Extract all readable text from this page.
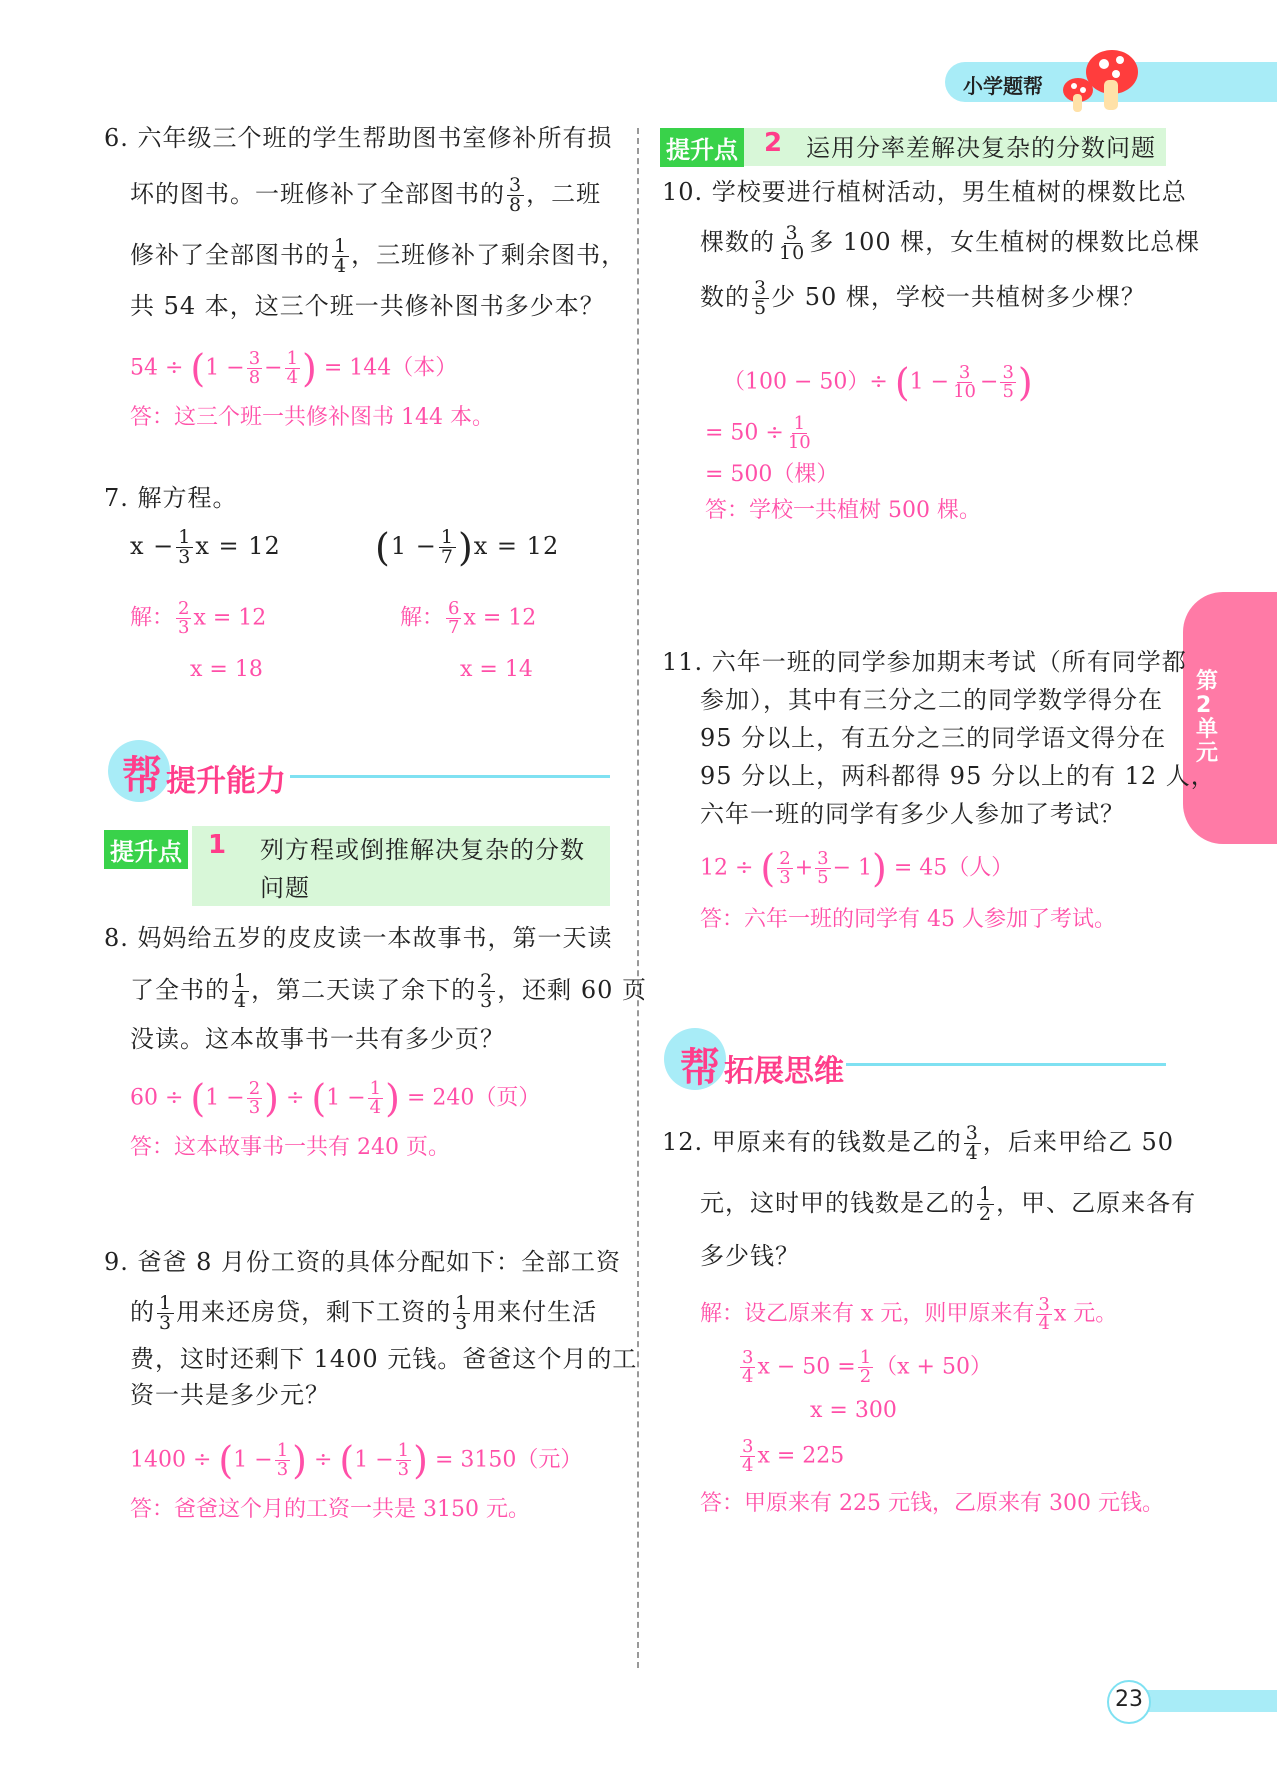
小学题帮
第2单元
6. 六年级三个班的学生帮助图书室修补所有损
坏的图书。一班修补了全部图书的 $\frac{3}{8}$ ，二班
修补了全部图书的 $\frac{1}{4}$ ，三班修补了剩余图书，
共 54 本，这三个班一共修补图书多少本？
$54 \div (1 - \frac{3}{8} - \frac{1}{4}$ ) = 144（本）
答：这三个班一共修补图书 144 本。
7. 解方程。
$x - \frac{1}{3}$ x = 12 $(1 - \frac{1}{7} )x = 12$
解： $\frac{2}{3}$ x = 12
x = 18
解： $\frac{6}{7}$ x = 12
x = 14
帮 提升能力
提升点 1 列方程或倒推解决复杂的分数
问题
8. 妈妈给五岁的皮皮读一本故事书，第一天读
了全书的 $\frac{1}{4}$ ，第二天读了余下的 $\frac{2}{3}$ ，还剩 60 页
没读。这本故事书一共有多少页？
$60 \div (1 - \frac{2}{3}$ ) ÷ ($1 - \frac{1}{4}$ ) = 240（页）
答：这本故事书一共有 240 页。
9. 爸爸 8 月份工资的具体分配如下：全部工资
的 $\frac{1}{3}$ 用来还房贷，剩下工资的 $\frac{1}{3}$ 用来付生活
费，这时还剩下 1400 元钱。爸爸这个月的工
资一共是多少元？
$1400 \div (1 - \frac{1}{3}$ ) ÷ ($1 - \frac{1}{3}$ ) = 3150（元）
答：爸爸这个月的工资一共是 3150 元。
提升点 2 运用分率差解决复杂的分数问题
10. 学校要进行植树活动，男生植树的棵数比总
棵数的 $\frac{3}{10}$ 多 100 棵，女生植树的棵数比总棵
数的 $\frac{3}{5}$ 少 50 棵，学校一共植树多少棵？
$(100 - 50)\div (1 - \frac{3}{10} - \frac{3}{5}$ )
= $50 \div \frac{1}{10}$
= 500（棵）
答：学校一共植树 500 棵。
11. 六年一班的同学参加期末考试（所有同学都
参加），其中有三分之二的同学数学得分在
95 分以上，有五分之三的同学语文得分在
95 分以上，两科都得 95 分以上的有 12 人，
六年一班的同学有多少人参加了考试？
12 ÷ ( $\frac{2}{3} + \frac{3}{5} - 1) = 45$（人）
答：六年一班的同学有 45 人参加了考试。
帮 拓展思维
12. 甲原来有的钱数是乙的 $\frac{3}{4}$ ，后来甲给乙 50
元，这时甲的钱数是乙的 $\frac{1}{2}$ ，甲、乙原来各有
多少钱？
解：设乙原来有 x 元，则甲原来有 $\frac{3}{4}$ x 元。
$\frac{3}{4}$ $x - 50 = \frac{1}{2} (x + 50)$
x = 300
$\frac{3}{4}$ x = 225
答：甲原来有 225 元钱，乙原来有 300 元钱。
23
